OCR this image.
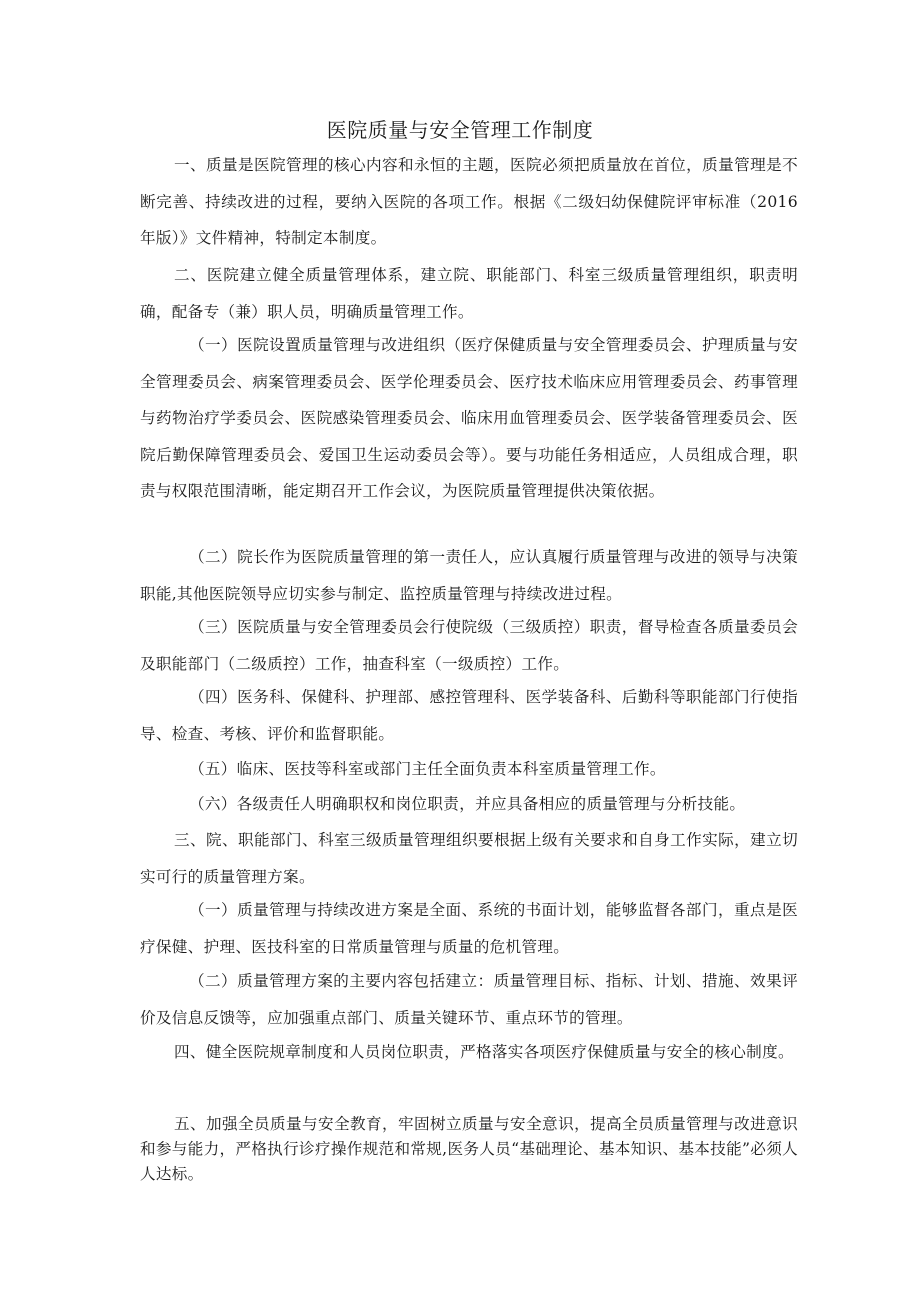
医院质量与安全管理工作制度

一、质量是医院管理的核心内容和永恒的主题，医院必须把质量放在首位，质量管理是不断完善、持续改进的过程，要纳入医院的各项工作。根据《二级妇幼保健院评审标准（2016年版）》文件精神，特制定本制度。

二、医院建立健全质量管理体系，建立院、职能部门、科室三级质量管理组织，职责明确，配备专（兼）职人员，明确质量管理工作。

（一）医院设置质量管理与改进组织（医疗保健质量与安全管理委员会、护理质量与安全管理委员会、病案管理委员会、医学伦理委员会、医疗技术临床应用管理委员会、药事管理与药物治疗学委员会、医院感染管理委员会、临床用血管理委员会、医学装备管理委员会、医院后勤保障管理委员会、爱国卫生运动委员会等）。要与功能任务相适应，人员组成合理，职责与权限范围清晰，能定期召开工作会议，为医院质量管理提供决策依据。

（二）院长作为医院质量管理的第一责任人，应认真履行质量管理与改进的领导与决策职能,其他医院领导应切实参与制定、监控质量管理与持续改进过程。

（三）医院质量与安全管理委员会行使院级（三级质控）职责，督导检查各质量委员会及职能部门（二级质控）工作，抽查科室（一级质控）工作。

（四）医务科、保健科、护理部、感控管理科、医学装备科、后勤科等职能部门行使指导、检查、考核、评价和监督职能。

（五）临床、医技等科室或部门主任全面负责本科室质量管理工作。

（六）各级责任人明确职权和岗位职责，并应具备相应的质量管理与分析技能。

三、院、职能部门、科室三级质量管理组织要根据上级有关要求和自身工作实际，建立切实可行的质量管理方案。

（一）质量管理与持续改进方案是全面、系统的书面计划，能够监督各部门，重点是医疗保健、护理、医技科室的日常质量管理与质量的危机管理。

（二）质量管理方案的主要内容包括建立：质量管理目标、指标、计划、措施、效果评价及信息反馈等，应加强重点部门、质量关键环节、重点环节的管理。

四、健全医院规章制度和人员岗位职责，严格落实各项医疗保健质量与安全的核心制度。

五、加强全员质量与安全教育，牢固树立质量与安全意识，提高全员质量管理与改进意识和参与能力，严格执行诊疗操作规范和常规,医务人员“基础理论、基本知识、基本技能”必须人人达标。
